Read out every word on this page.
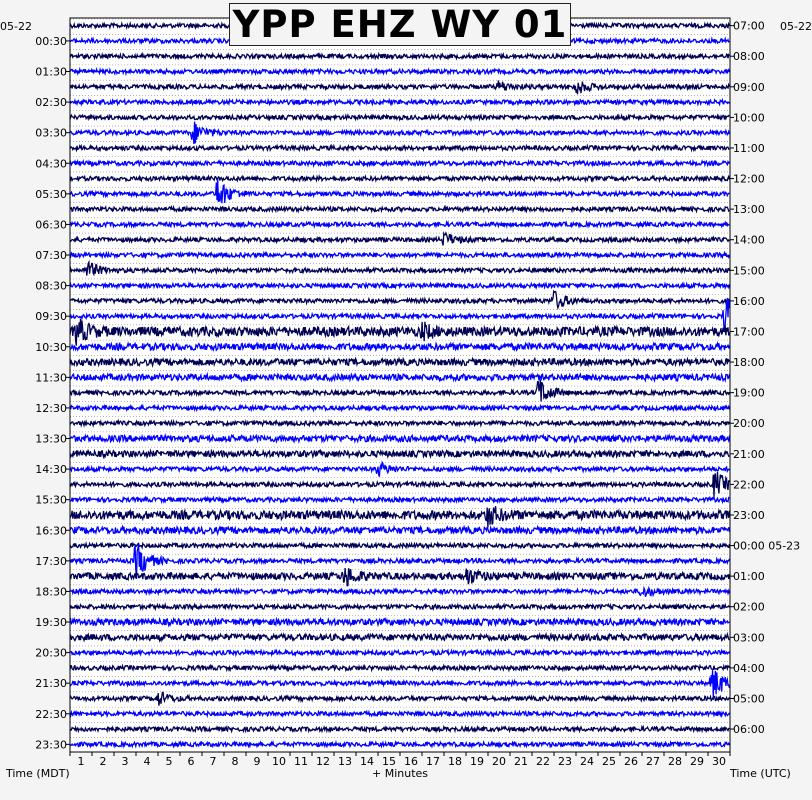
00:30
01:30
02:30
03:30
04:30
05:30
06:30
07:30
08:30
09:30
10:30
11:30
12:30
13:30
14:30
15:30
16:30
17:30
18:30
19:30
20:30
21:30
22:30
23:30
07:00
08:00
09:00
10:00
11:00
12:00
13:00
14:00
15:00
16:00
17:00
18:00
19:00
20:00
21:00
22:00
23:00
00:00 05-23
01:00
02:00
03:00
04:00
05:00
06:00
1 2 3 4 5 6 7 8 9 10 11 12 13 14 15 16 17 18 19 20 21 22 23 24 25 26 27 28 29 30
YPP EHZ WY 01
05-22	05-22
Time (MDT)	+ Minutes	Time (UTC)
